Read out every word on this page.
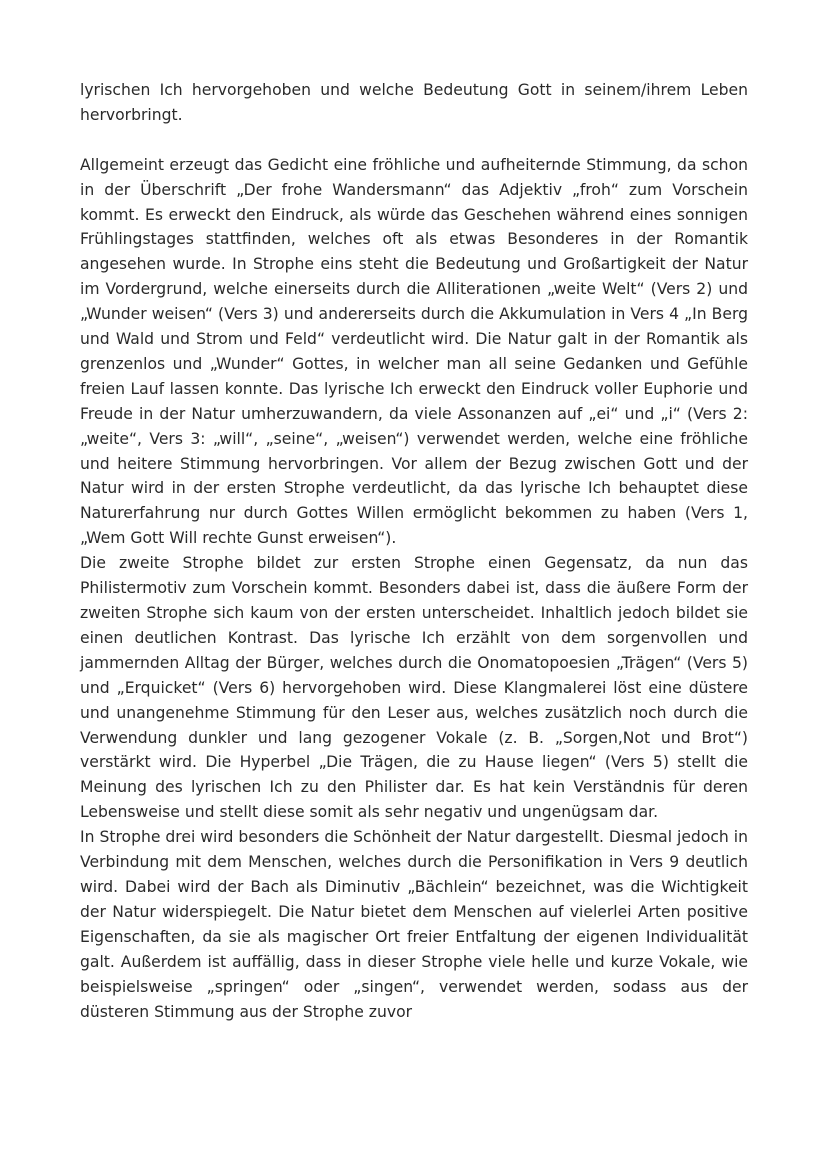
lyrischen Ich hervorgehoben und welche Bedeutung Gott in seinem/ihrem Leben hervorbringt.

Allgemeint erzeugt das Gedicht eine fröhliche und aufheiternde Stimmung, da schon in der Überschrift „Der frohe Wandersmann“ das Adjektiv „froh“ zum Vorschein kommt. Es erweckt den Eindruck, als würde das Geschehen während eines sonnigen Frühlingstages stattfinden, welches oft als etwas Besonderes in der Romantik angesehen wurde. In Strophe eins steht die Bedeutung und Großartigkeit der Natur im Vordergrund, welche einerseits durch die Alliterationen „weite Welt“ (Vers 2) und „Wunder weisen“ (Vers 3) und andererseits durch die Akkumulation in Vers 4 „In Berg und Wald und Strom und Feld“ verdeutlicht wird. Die Natur galt in der Romantik als grenzenlos und „Wunder“ Gottes, in welcher man all seine Gedanken und Gefühle freien Lauf lassen konnte. Das lyrische Ich erweckt den Eindruck voller Euphorie und Freude in der Natur umherzuwandern, da viele Assonanzen auf „ei“ und „i“ (Vers 2: „weite“, Vers 3: „will“, „seine“, „weisen“) verwendet werden, welche eine fröhliche und heitere Stimmung hervorbringen. Vor allem der Bezug zwischen Gott und der Natur wird in der ersten Strophe verdeutlicht, da das lyrische Ich behauptet diese Naturerfahrung nur durch Gottes Willen ermöglicht bekommen zu haben (Vers 1, „Wem Gott Will rechte Gunst erweisen“).

Die zweite Strophe bildet zur ersten Strophe einen Gegensatz, da nun das Philistermotiv zum Vorschein kommt. Besonders dabei ist, dass die äußere Form der zweiten Strophe sich kaum von der ersten unterscheidet. Inhaltlich jedoch bildet sie einen deutlichen Kontrast. Das lyrische Ich erzählt von dem sorgenvollen und jammernden Alltag der Bürger, welches durch die Onomatopoesien „Trägen“ (Vers 5) und „Erquicket“ (Vers 6) hervorgehoben wird. Diese Klangmalerei löst eine düstere und unangenehme Stimmung für den Leser aus, welches zusätzlich noch durch die Verwendung dunkler und lang gezogener Vokale (z. B. „Sorgen,Not und Brot“) verstärkt wird. Die Hyperbel „Die Trägen, die zu Hause liegen“ (Vers 5) stellt die Meinung des lyrischen Ich zu den Philister dar. Es hat kein Verständnis für deren Lebensweise und stellt diese somit als sehr negativ und ungenügsam dar.

In Strophe drei wird besonders die Schönheit der Natur dargestellt. Diesmal jedoch in Verbindung mit dem Menschen, welches durch die Personifikation in Vers 9 deutlich wird. Dabei wird der Bach als Diminutiv „Bächlein“ bezeichnet, was die Wichtigkeit der Natur widerspiegelt. Die Natur bietet dem Menschen auf vielerlei Arten positive Eigenschaften, da sie als magischer Ort freier Entfaltung der eigenen Individualität galt. Außerdem ist auffällig, dass in dieser Strophe viele helle und kurze Vokale, wie beispielsweise „springen“ oder „singen“, verwendet werden, sodass aus der düsteren Stimmung aus der Strophe zuvor
